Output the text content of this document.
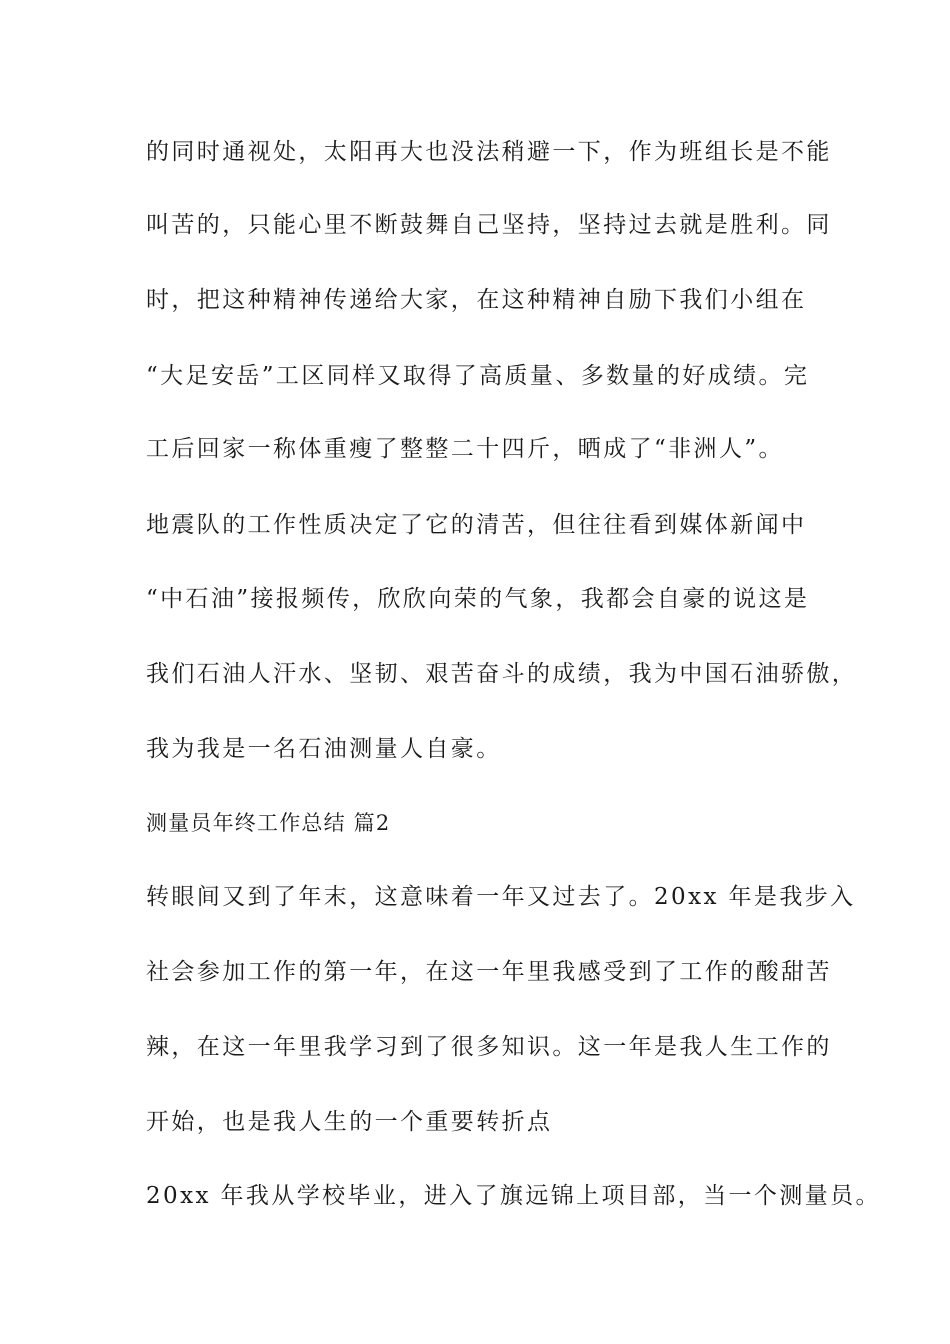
的同时通视处，太阳再大也没法稍避一下，作为班组长是不能
叫苦的，只能心里不断鼓舞自己坚持，坚持过去就是胜利。同
时，把这种精神传递给大家，在这种精神自励下我们小组在
“大足安岳”工区同样又取得了高质量、多数量的好成绩。完
工后回家一称体重瘦了整整二十四斤，晒成了“非洲人”。
地震队的工作性质决定了它的清苦，但往往看到媒体新闻中
“中石油”接报频传，欣欣向荣的气象，我都会自豪的说这是
我们石油人汗水、坚韧、艰苦奋斗的成绩，我为中国石油骄傲，
我为我是一名石油测量人自豪。
测量员年终工作总结 篇2
转眼间又到了年末，这意味着一年又过去了。20xx 年是我步入
社会参加工作的第一年，在这一年里我感受到了工作的酸甜苦
辣，在这一年里我学习到了很多知识。这一年是我人生工作的
开始，也是我人生的一个重要转折点
20xx 年我从学校毕业，进入了旗远锦上项目部，当一个测量员。
